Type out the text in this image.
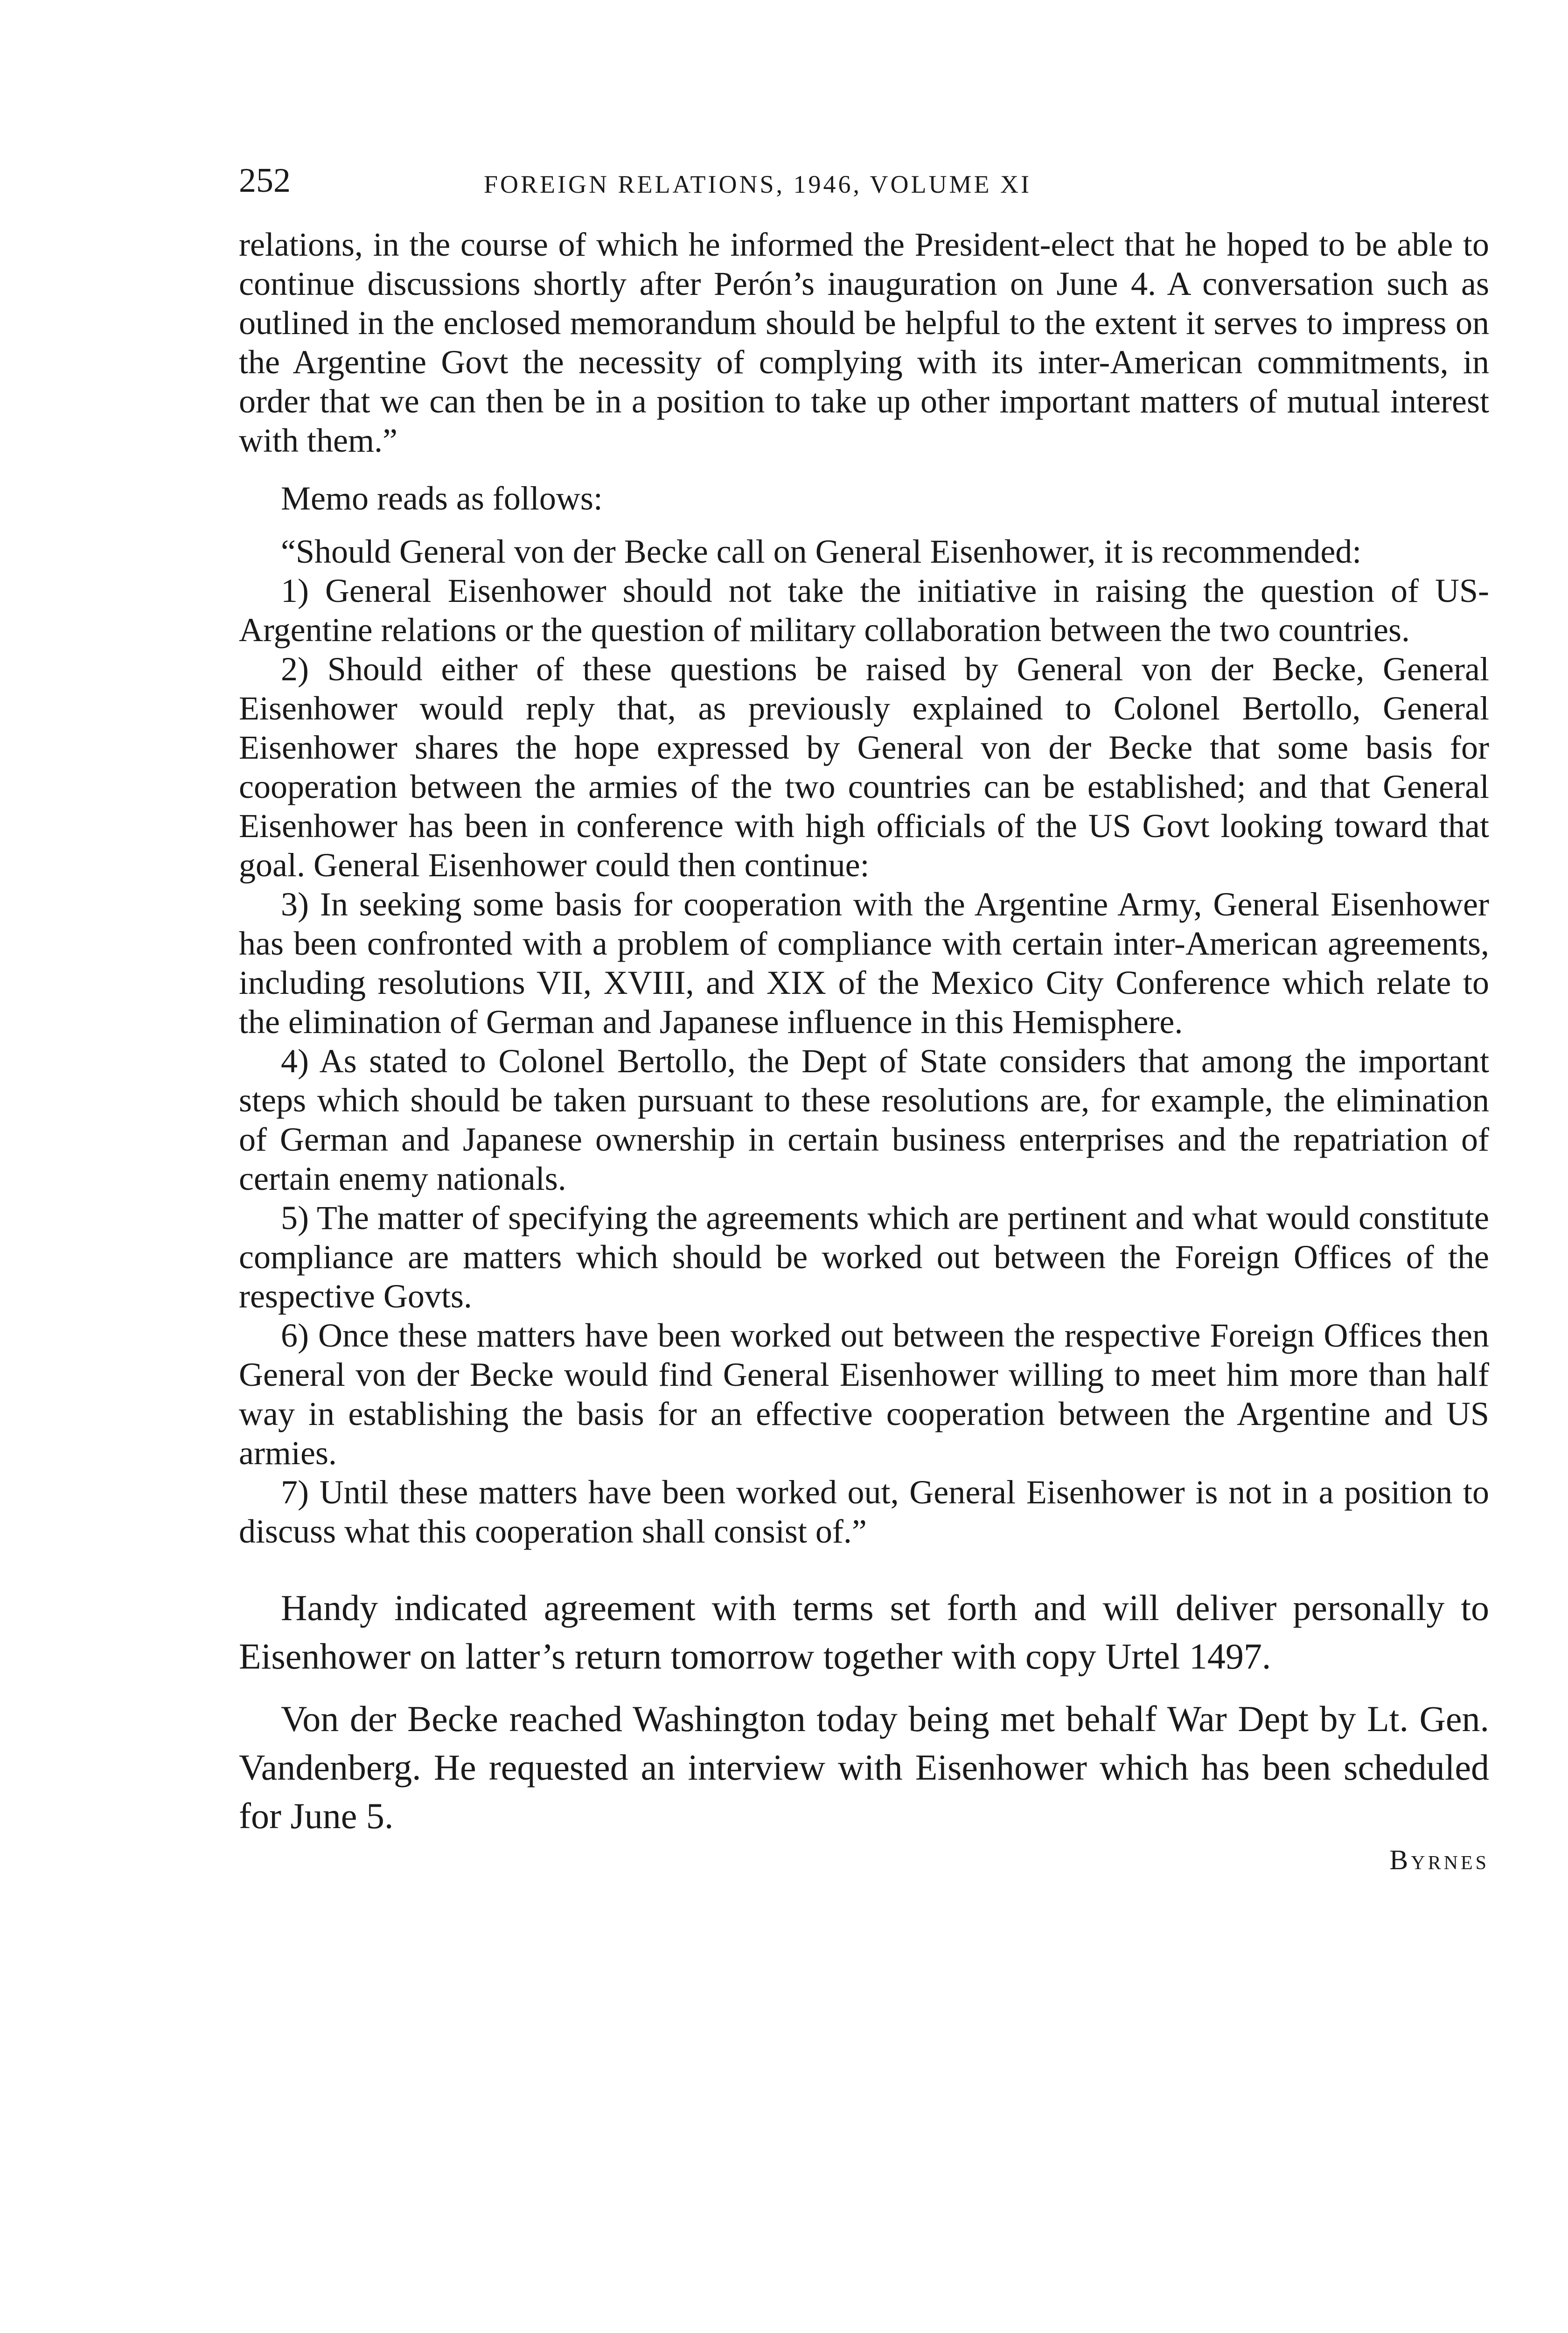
252	FOREIGN RELATIONS, 1946, VOLUME XI

relations, in the course of which he informed the President-elect that he hoped to be able to continue discussions shortly after Perón’s inauguration on June 4. A conversation such as outlined in the enclosed memorandum should be helpful to the extent it serves to impress on the Argentine Govt the necessity of complying with its inter-American commitments, in order that we can then be in a position to take up other important matters of mutual interest with them.”

Memo reads as follows:

“Should General von der Becke call on General Eisenhower, it is recommended:

1) General Eisenhower should not take the initiative in raising the question of US-Argentine relations or the question of military collaboration between the two countries.

2) Should either of these questions be raised by General von der Becke, General Eisenhower would reply that, as previously explained to Colonel Bertollo, General Eisenhower shares the hope expressed by General von der Becke that some basis for cooperation between the armies of the two countries can be established; and that General Eisenhower has been in conference with high officials of the US Govt looking toward that goal. General Eisenhower could then continue:

3) In seeking some basis for cooperation with the Argentine Army, General Eisenhower has been confronted with a problem of compliance with certain inter-American agreements, including resolutions VII, XVIII, and XIX of the Mexico City Conference which relate to the elimination of German and Japanese influence in this Hemisphere.

4) As stated to Colonel Bertollo, the Dept of State considers that among the important steps which should be taken pursuant to these resolutions are, for example, the elimination of German and Japanese ownership in certain business enterprises and the repatriation of certain enemy nationals.

5) The matter of specifying the agreements which are pertinent and what would constitute compliance are matters which should be worked out between the Foreign Offices of the respective Govts.

6) Once these matters have been worked out between the respective Foreign Offices then General von der Becke would find General Eisenhower willing to meet him more than half way in establishing the basis for an effective cooperation between the Argentine and US armies.

7) Until these matters have been worked out, General Eisenhower is not in a position to discuss what this cooperation shall consist of.”

Handy indicated agreement with terms set forth and will deliver personally to Eisenhower on latter’s return tomorrow together with copy Urtel 1497.

Von der Becke reached Washington today being met behalf War Dept by Lt. Gen. Vandenberg. He requested an interview with Eisenhower which has been scheduled for June 5.

Byrnes
